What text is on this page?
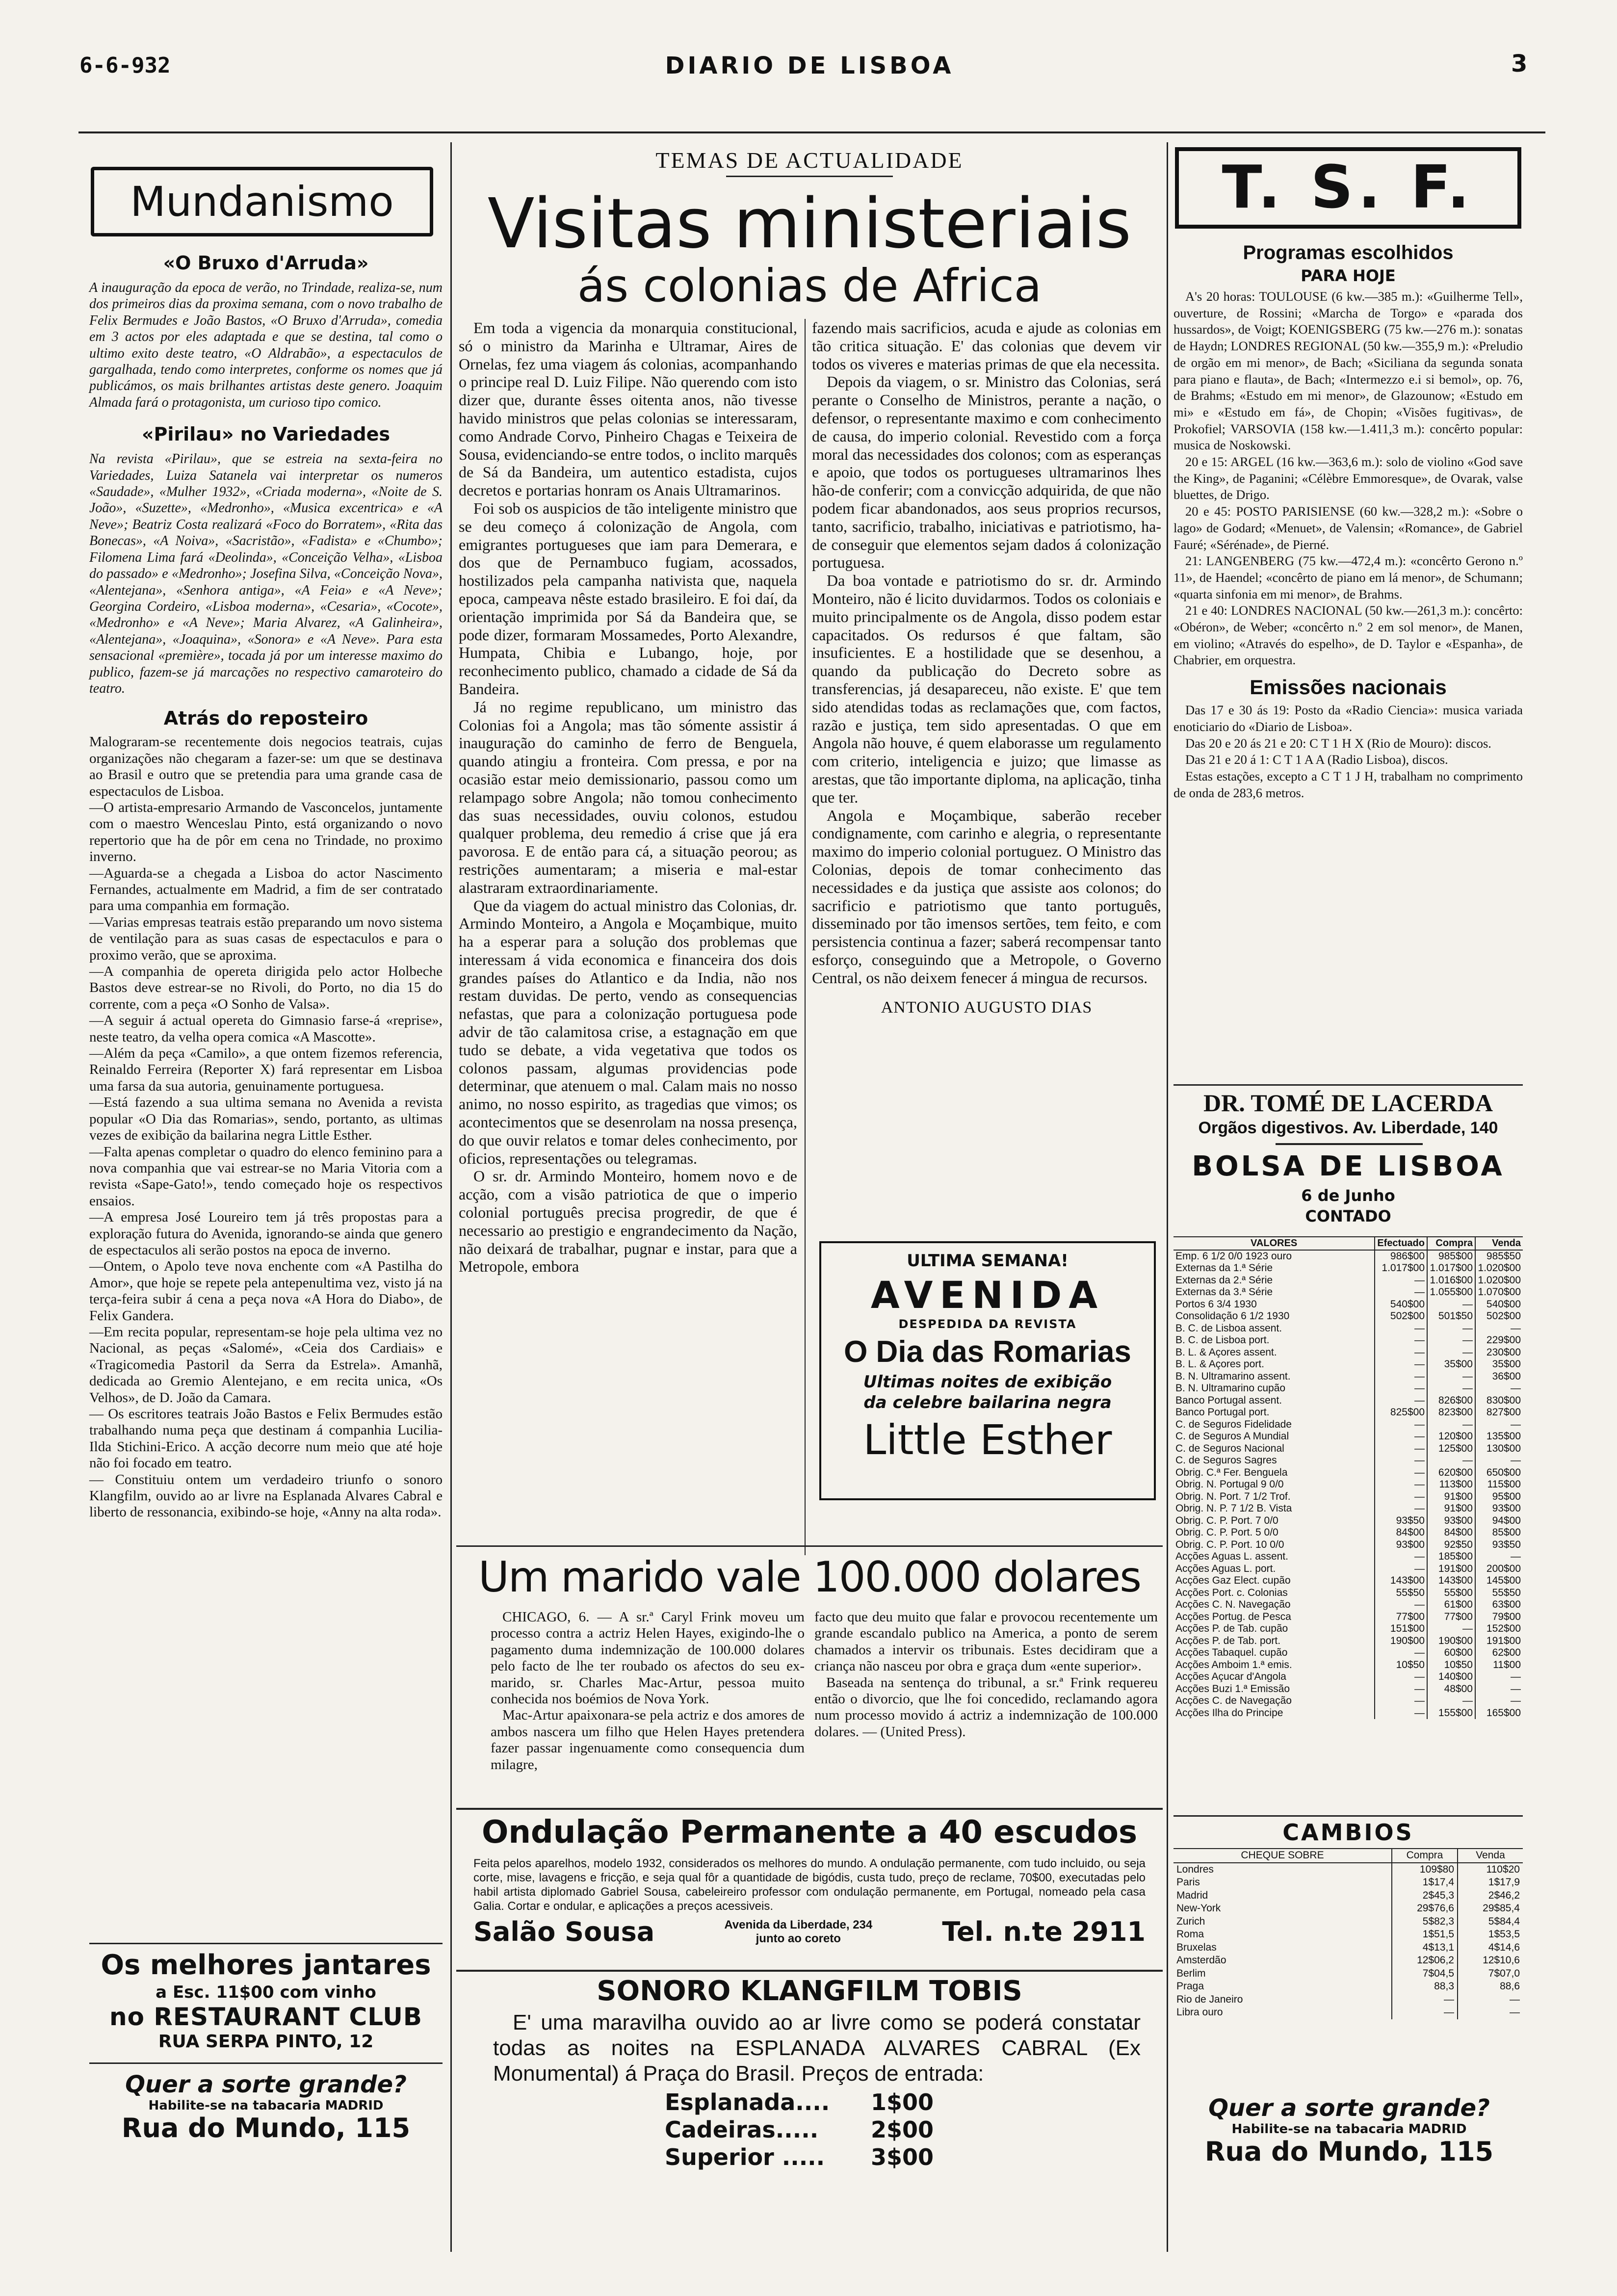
6-6-932	DIARIO DE LISBOA	3
Mundanismo
«O Bruxo d'Arruda»

A inauguração da epoca de verão, no Trindade, realiza-se, num dos primeiros dias da proxima semana, com o novo trabalho de Felix Bermudes e João Bastos, «O Bruxo d'Arruda», comedia em 3 actos por eles adaptada e que se destina, tal como o ultimo exito deste teatro, «O Aldrabão», a espectaculos de gargalhada, tendo como interpretes, conforme os nomes que já publicámos, os mais brilhantes artistas deste genero. Joaquim Almada fará o protagonista, um curioso tipo comico.

«Pirilau» no Variedades

Na revista «Pirilau», que se estreia na sexta-feira no Variedades, Luiza Satanela vai interpretar os numeros «Saudade», «Mulher 1932», «Criada moderna», «Noite de S. João», «Suzette», «Medronho», «Musica excentrica» e «A Neve»; Beatriz Costa realizará «Foco do Borratem», «Rita das Bonecas», «A Noiva», «Sacristão», «Fadista» e «Chumbo»; Filomena Lima fará «Deolinda», «Conceição Velha», «Lisboa do passado» e «Medronho»; Josefina Silva, «Conceição Nova», «Alentejana», «Senhora antiga», «A Feia» e «A Neve»; Georgina Cordeiro, «Lisboa moderna», «Cesaria», «Cocote», «Medronho» e «A Neve»; Maria Alvarez, «A Galinheira», «Alentejana», «Joaquina», «Sonora» e «A Neve». Para esta sensacional «première», tocada já por um interesse maximo do publico, fazem-se já marcações no respectivo camaroteiro do teatro.

Atrás do reposteiro

Malograram-se recentemente dois negocios teatrais, cujas organizações não chegaram a fazer-se: um que se destinava ao Brasil e outro que se pretendia para uma grande casa de espectaculos de Lisboa.

—O artista-empresario Armando de Vasconcelos, juntamente com o maestro Wenceslau Pinto, está organizando o novo repertorio que ha de pôr em cena no Trindade, no proximo inverno.

—Aguarda-se a chegada a Lisboa do actor Nascimento Fernandes, actualmente em Madrid, a fim de ser contratado para uma companhia em formação.

—Varias empresas teatrais estão preparando um novo sistema de ventilação para as suas casas de espectaculos e para o proximo verão, que se aproxima.

—A companhia de opereta dirigida pelo actor Holbeche Bastos deve estrear-se no Rivoli, do Porto, no dia 15 do corrente, com a peça «O Sonho de Valsa».

—A seguir á actual opereta do Gimnasio farse-á «reprise», neste teatro, da velha opera comica «A Mascotte».

—Além da peça «Camilo», a que ontem fizemos referencia, Reinaldo Ferreira (Reporter X) fará representar em Lisboa uma farsa da sua autoria, genuinamente portuguesa.

—Está fazendo a sua ultima semana no Avenida a revista popular «O Dia das Romarias», sendo, portanto, as ultimas vezes de exibição da bailarina negra Little Esther.

—Falta apenas completar o quadro do elenco feminino para a nova companhia que vai estrear-se no Maria Vitoria com a revista «Sape-Gato!», tendo começado hoje os respectivos ensaios.

—A empresa José Loureiro tem já três propostas para a exploração futura do Avenida, ignorando-se ainda que genero de espectaculos ali serão postos na epoca de inverno.

—Ontem, o Apolo teve nova enchente com «A Pastilha do Amor», que hoje se repete pela antepenultima vez, visto já na terça-feira subir á cena a peça nova «A Hora do Diabo», de Felix Gandera.

—Em recita popular, representam-se hoje pela ultima vez no Nacional, as peças «Salomé», «Ceia dos Cardiais» e «Tragicomedia Pastoril da Serra da Estrela». Amanhã, dedicada ao Gremio Alentejano, e em recita unica, «Os Velhos», de D. João da Camara.

— Os escritores teatrais João Bastos e Felix Bermudes estão trabalhando numa peça que destinam á companhia Lucilia-Ilda Stichini-Erico. A acção decorre num meio que até hoje não foi focado em teatro.

— Constituiu ontem um verdadeiro triunfo o sonoro Klangfilm, ouvido ao ar livre na Esplanada Alvares Cabral e liberto de ressonancia, exibindo-se hoje, «Anny na alta roda».

Os melhores jantares
a Esc. 11$00 com vinho
no RESTAURANT CLUB
RUA SERPA PINTO, 12
Quer a sorte grande?
Habilite-se na tabacaria MADRID
Rua do Mundo, 115
TEMAS DE ACTUALIDADE
Visitas ministeriais
ás colonias de Africa

Em toda a vigencia da monarquia constitucional, só o ministro da Marinha e Ultramar, Aires de Ornelas, fez uma viagem ás colonias, acompanhando o principe real D. Luiz Filipe. Não querendo com isto dizer que, durante êsses oitenta anos, não tivesse havido ministros que pelas colonias se interessaram, como Andrade Corvo, Pinheiro Chagas e Teixeira de Sousa, evidenciando-se entre todos, o inclito marquês de Sá da Bandeira, um autentico estadista, cujos decretos e portarias honram os Anais Ultramarinos.

Foi sob os auspicios de tão inteligente ministro que se deu começo á colonização de Angola, com emigrantes portugueses que iam para Demerara, e dos que de Pernambuco fugiam, acossados, hostilizados pela campanha nativista que, naquela epoca, campeava nêste estado brasileiro. E foi daí, da orientação imprimida por Sá da Bandeira que, se pode dizer, formaram Mossamedes, Porto Alexandre, Humpata, Chibia e Lubango, hoje, por reconhecimento publico, chamado a cidade de Sá da Bandeira.

Já no regime republicano, um ministro das Colonias foi a Angola; mas tão sómente assistir á inauguração do caminho de ferro de Benguela, quando atingiu a fronteira. Com pressa, e por na ocasião estar meio demissionario, passou como um relampago sobre Angola; não tomou conhecimento das suas necessidades, ouviu colonos, estudou qualquer problema, deu remedio á crise que já era pavorosa. E de então para cá, a situação peorou; as restrições aumentaram; a miseria e mal-estar alastraram extraordinariamente.

Que da viagem do actual ministro das Colonias, dr. Armindo Monteiro, a Angola e Moçambique, muito ha a esperar para a solução dos problemas que interessam á vida economica e financeira dos dois grandes países do Atlantico e da India, não nos restam duvidas. De perto, vendo as consequencias nefastas, que para a colonização portuguesa pode advir de tão calamitosa crise, a estagnação em que tudo se debate, a vida vegetativa que todos os colonos passam, algumas providencias pode determinar, que atenuem o mal. Calam mais no nosso animo, no nosso espirito, as tragedias que vimos; os acontecimentos que se desenrolam na nossa presença, do que ouvir relatos e tomar deles conhecimento, por oficios, representações ou telegramas.

O sr. dr. Armindo Monteiro, homem novo e de acção, com a visão patriotica de que o imperio colonial português precisa progredir, de que é necessario ao prestigio e engrandecimento da Nação, não deixará de trabalhar, pugnar e instar, para que a Metropole, embora

fazendo mais sacrificios, acuda e ajude as colonias em tão critica situação. E' das colonias que devem vir todos os viveres e materias primas de que ela necessita.

Depois da viagem, o sr. Ministro das Colonias, será perante o Conselho de Ministros, perante a nação, o defensor, o representante maximo e com conhecimento de causa, do imperio colonial. Revestido com a força moral das necessidades dos colonos; com as esperanças e apoio, que todos os portugueses ultramarinos lhes hão-de conferir; com a convicção adquirida, de que não podem ficar abandonados, aos seus proprios recursos, tanto, sacrificio, trabalho, iniciativas e patriotismo, ha-de conseguir que elementos sejam dados á colonização portuguesa.

Da boa vontade e patriotismo do sr. dr. Armindo Monteiro, não é licito duvidarmos. Todos os coloniais e muito principalmente os de Angola, disso podem estar capacitados. Os redursos é que faltam, são insuficientes. E a hostilidade que se desenhou, a quando da publicação do Decreto sobre as transferencias, já desapareceu, não existe. E' que tem sido atendidas todas as reclamações que, com factos, razão e justiça, tem sido apresentadas. O que em Angola não houve, é quem elaborasse um regulamento com criterio, inteligencia e juizo; que limasse as arestas, que tão importante diploma, na aplicação, tinha que ter.

Angola e Moçambique, saberão receber condignamente, com carinho e alegria, o representante maximo do imperio colonial portuguez. O Ministro das Colonias, depois de tomar conhecimento das necessidades e da justiça que assiste aos colonos; do sacrificio e patriotismo que tanto português, disseminado por tão imensos sertões, tem feito, e com persistencia continua a fazer; saberá recompensar tanto esforço, conseguindo que a Metropole, o Governo Central, os não deixem fenecer á mingua de recursos.

ANTONIO AUGUSTO DIAS
ULTIMA SEMANA!
AVENIDA
DESPEDIDA DA REVISTA
O Dia das Romarias
Ultimas noites de exibição
da celebre bailarina negra
Little Esther
Um marido vale 100.000 dolares

CHICAGO, 6. — A sr.ª Caryl Frink moveu um processo contra a actriz Helen Hayes, exigindo-lhe o pagamento duma indemnização de 100.000 dolares pelo facto de lhe ter roubado os afectos do seu ex-marido, sr. Charles Mac-Artur, pessoa muito conhecida nos boémios de Nova York.

Mac-Artur apaixonara-se pela actriz e dos amores de ambos nascera um filho que Helen Hayes pretendera fazer passar ingenuamente como consequencia dum milagre,

facto que deu muito que falar e provocou recentemente um grande escandalo publico na America, a ponto de serem chamados a intervir os tribunais. Estes decidiram que a criança não nasceu por obra e graça dum «ente superior».

Baseada na sentença do tribunal, a sr.ª Frink requereu então o divorcio, que lhe foi concedido, reclamando agora num processo movido á actriz a indemnização de 100.000 dolares. — (United Press).

Ondulação Permanente a 40 escudos

Feita pelos aparelhos, modelo 1932, considerados os melhores do mundo. A ondulação permanente, com tudo incluido, ou seja corte, mise, lavagens e fricção, e seja qual fôr a quantidade de bigódis, custa tudo, preço de reclame, 70$00, executadas pelo habil artista diplomado Gabriel Sousa, cabeleireiro professor com ondulação permanente, em Portugal, nomeado pela casa Galia. Cortar e ondular, e aplicações a preços acessiveis.

Salão Sousa	Avenida da Liberdade, 234 junto ao coreto	Tel. n.te 2911
SONORO KLANGFILM TOBIS

E' uma maravilha ouvido ao ar livre como se poderá constatar todas as noites na ESPLANADA ALVARES CABRAL (Ex Monumental) á Praça do Brasil. Preços de entrada:

Esplanada....	1$00
Cadeiras.....	2$00
Superior .....	3$00
T. S. F.
Programas escolhidos
PARA HOJE

A's 20 horas: TOULOUSE (6 kw.—385 m.): «Guilherme Tell», ouverture, de Rossini; «Marcha de Torgo» e «parada dos hussardos», de Voigt; KOENIGSBERG (75 kw.—276 m.): sonatas de Haydn; LONDRES REGIONAL (50 kw.—355,9 m.): «Preludio de orgão em mi menor», de Bach; «Siciliana da segunda sonata para piano e flauta», de Bach; «Intermezzo e.i si bemol», op. 76, de Brahms; «Estudo em mi menor», de Glazounow; «Estudo em mi» e «Estudo em fá», de Chopin; «Visões fugitivas», de Prokofiel; VARSOVIA (158 kw.—1.411,3 m.): concêrto popular: musica de Noskowski.

20 e 15: ARGEL (16 kw.—363,6 m.): solo de violino «God save the King», de Paganini; «Célèbre Emmoresque», de Ovarak, valse bluettes, de Drigo.

20 e 45: POSTO PARISIENSE (60 kw.—328,2 m.): «Sobre o lago» de Godard; «Menuet», de Valensin; «Romance», de Gabriel Fauré; «Sérénade», de Pierné.

21: LANGENBERG (75 kw.—472,4 m.): «concêrto Gerono n.º 11», de Haendel; «concêrto de piano em lá menor», de Schumann; «quarta sinfonia em mi menor», de Brahms.

21 e 40: LONDRES NACIONAL (50 kw.—261,3 m.): concêrto: «Obéron», de Weber; «concêrto n.º 2 em sol menor», de Manen, em violino; «Através do espelho», de D. Taylor e «Espanha», de Chabrier, em orquestra.

Emissões nacionais

Das 17 e 30 ás 19: Posto da «Radio Ciencia»: musica variada enoticiario do «Diario de Lisboa».

Das 20 e 20 ás 21 e 20: C T 1 H X (Rio de Mouro): discos.

Das 21 e 20 á 1: C T 1 A A (Radio Lisboa), discos.

Estas estações, excepto a C T 1 J H, trabalham no comprimento de onda de 283,6 metros.

DR. TOMÉ DE LACERDA
Orgãos digestivos. Av. Liberdade, 140
BOLSA DE LISBOA
6 de Junho
CONTADO
VALORES	Efectuado	Compra	Venda
Emp. 6 1/2 0/0 1923 ouro	986$00	985$00	985$50
Externas da 1.ª Série	1.017$00	1.017$00	1.020$00
Externas da 2.ª Série	—	1.016$00	1.020$00
Externas da 3.ª Série	—	1.055$00	1.070$00
Portos 6 3/4 1930	540$00	—	540$00
Consolidação 6 1/2 1930	502$00	501$50	502$00
B. C. de Lisboa assent.	—	—	—
B. C. de Lisboa port.	—	—	229$00
B. L. & Açores assent.	—	—	230$00
B. L. & Açores port.	—	35$00	35$00
B. N. Ultramarino assent.	—	—	36$00
B. N. Ultramarino cupão	—	—	—
Banco Portugal assent.	—	826$00	830$00
Banco Portugal port.	825$00	823$00	827$00
C. de Seguros Fidelidade	—	—	—
C. de Seguros A Mundial	—	120$00	135$00
C. de Seguros Nacional	—	125$00	130$00
C. de Seguros Sagres	—	—	—
Obrig. C.ª Fer. Benguela	—	620$00	650$00
Obrig. N. Portugal 9 0/0	—	113$00	115$00
Obrig. N. Port. 7 1/2 Trof.	—	91$00	95$00
Obrig. N. P. 7 1/2 B. Vista	—	91$00	93$00
Obrig. C. P. Port. 7 0/0	93$50	93$00	94$00
Obrig. C. P. Port. 5 0/0	84$00	84$00	85$00
Obrig. C. P. Port. 10 0/0	93$00	92$50	93$50
Acções Aguas L. assent.	—	185$00	—
Acções Aguas L. port.	—	191$00	200$00
Acções Gaz Elect. cupão	143$00	143$00	145$00
Acções Port. c. Colonias	55$50	55$00	55$50
Acções C. N. Navegação	—	61$00	63$00
Acções Portug. de Pesca	77$00	77$00	79$00
Acções P. de Tab. cupão	151$00	—	152$00
Acções P. de Tab. port.	190$00	190$00	191$00
Acções Tabaquel. cupão	—	60$00	62$00
Acções Amboim 1.ª emis.	10$50	10$50	11$00
Acções Açucar d'Angola	—	140$00	—
Acções Buzi 1.ª Emissão	—	48$00	—
Acções C. de Navegação	—	—	—
Acções Ilha do Principe	—	155$00	165$00
CAMBIOS
CHEQUE SOBRE	Compra	Venda
Londres	109$80	110$20
Paris	1$17,4	1$17,9
Madrid	2$45,3	2$46,2
New-York	29$76,6	29$85,4
Zurich	5$82,3	5$84,4
Roma	1$51,5	1$53,5
Bruxelas	4$13,1	4$14,6
Amsterdão	12$06,2	12$10,6
Berlim	7$04,5	7$07,0
Praga	88,3	88,6
Rio de Janeiro	—	—
Libra ouro	—	—
Quer a sorte grande?
Habilite-se na tabacaria MADRID
Rua do Mundo, 115
